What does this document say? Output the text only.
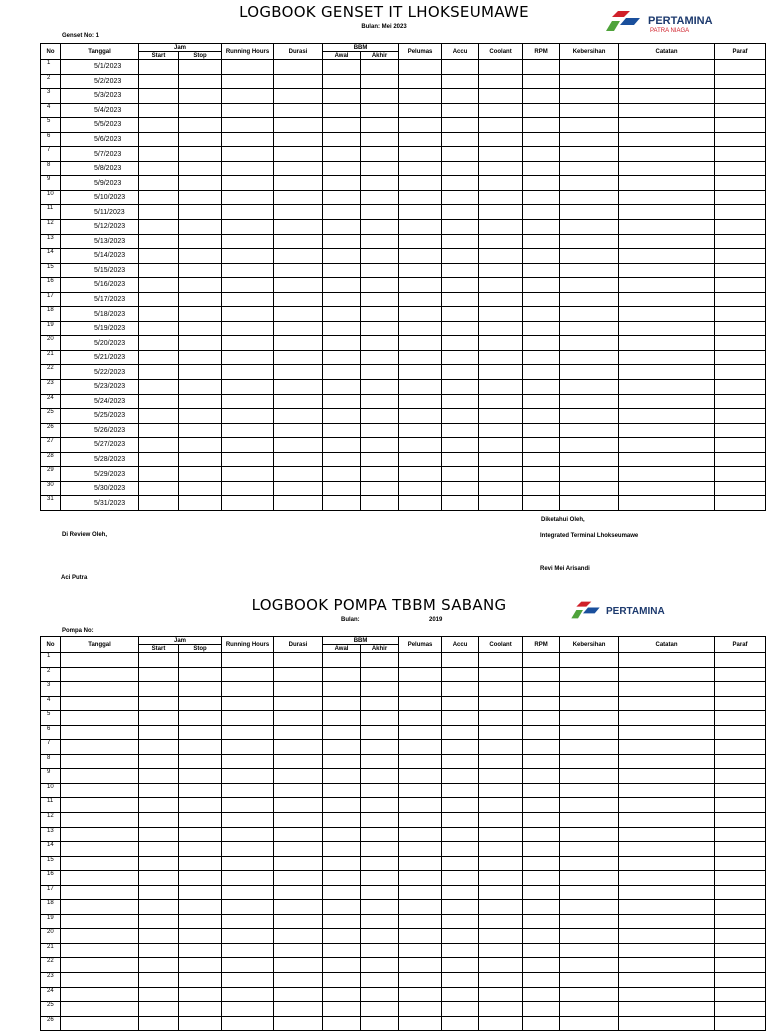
LOGBOOK GENSET IT LHOKSEUMAWE
Bulan: Mei 2023
Genset No: 1
PERTAMINA
PATRA NIAGA
No	Tanggal	Jam		Running Hours	Durasi	BBM		Pelumas	Accu	Coolant	RPM	Kebersihan	Catatan	Paraf
		Start	Stop			Awal	Akhir							
1	5/1/2023													
2	5/2/2023													
3	5/3/2023													
4	5/4/2023													
5	5/5/2023													
6	5/6/2023													
7	5/7/2023													
8	5/8/2023													
9	5/9/2023													
10	5/10/2023													
11	5/11/2023													
12	5/12/2023													
13	5/13/2023													
14	5/14/2023													
15	5/15/2023													
16	5/16/2023													
17	5/17/2023													
18	5/18/2023													
19	5/19/2023													
20	5/20/2023													
21	5/21/2023													
22	5/22/2023													
23	5/23/2023													
24	5/24/2023													
25	5/25/2023													
26	5/26/2023													
27	5/27/2023													
28	5/28/2023													
29	5/29/2023													
30	5/30/2023													
31	5/31/2023													
Di Review Oleh,
Aci Putra
Diketahui Oleh,
Integrated Terminal Lhokseumawe
Revi Mei Arisandi
LOGBOOK POMPA TBBM SABANG
Bulan:	2019
Pompa No:
PERTAMINA
No	Tanggal	Jam		Running Hours	Durasi	BBM		Pelumas	Accu	Coolant	RPM	Kebersihan	Catatan	Paraf
		Start	Stop			Awal	Akhir							
1														
2														
3														
4														
5														
6														
7														
8														
9														
10														
11														
12														
13														
14														
15														
16														
17														
18														
19														
20														
21														
22														
23														
24														
25														
26														
